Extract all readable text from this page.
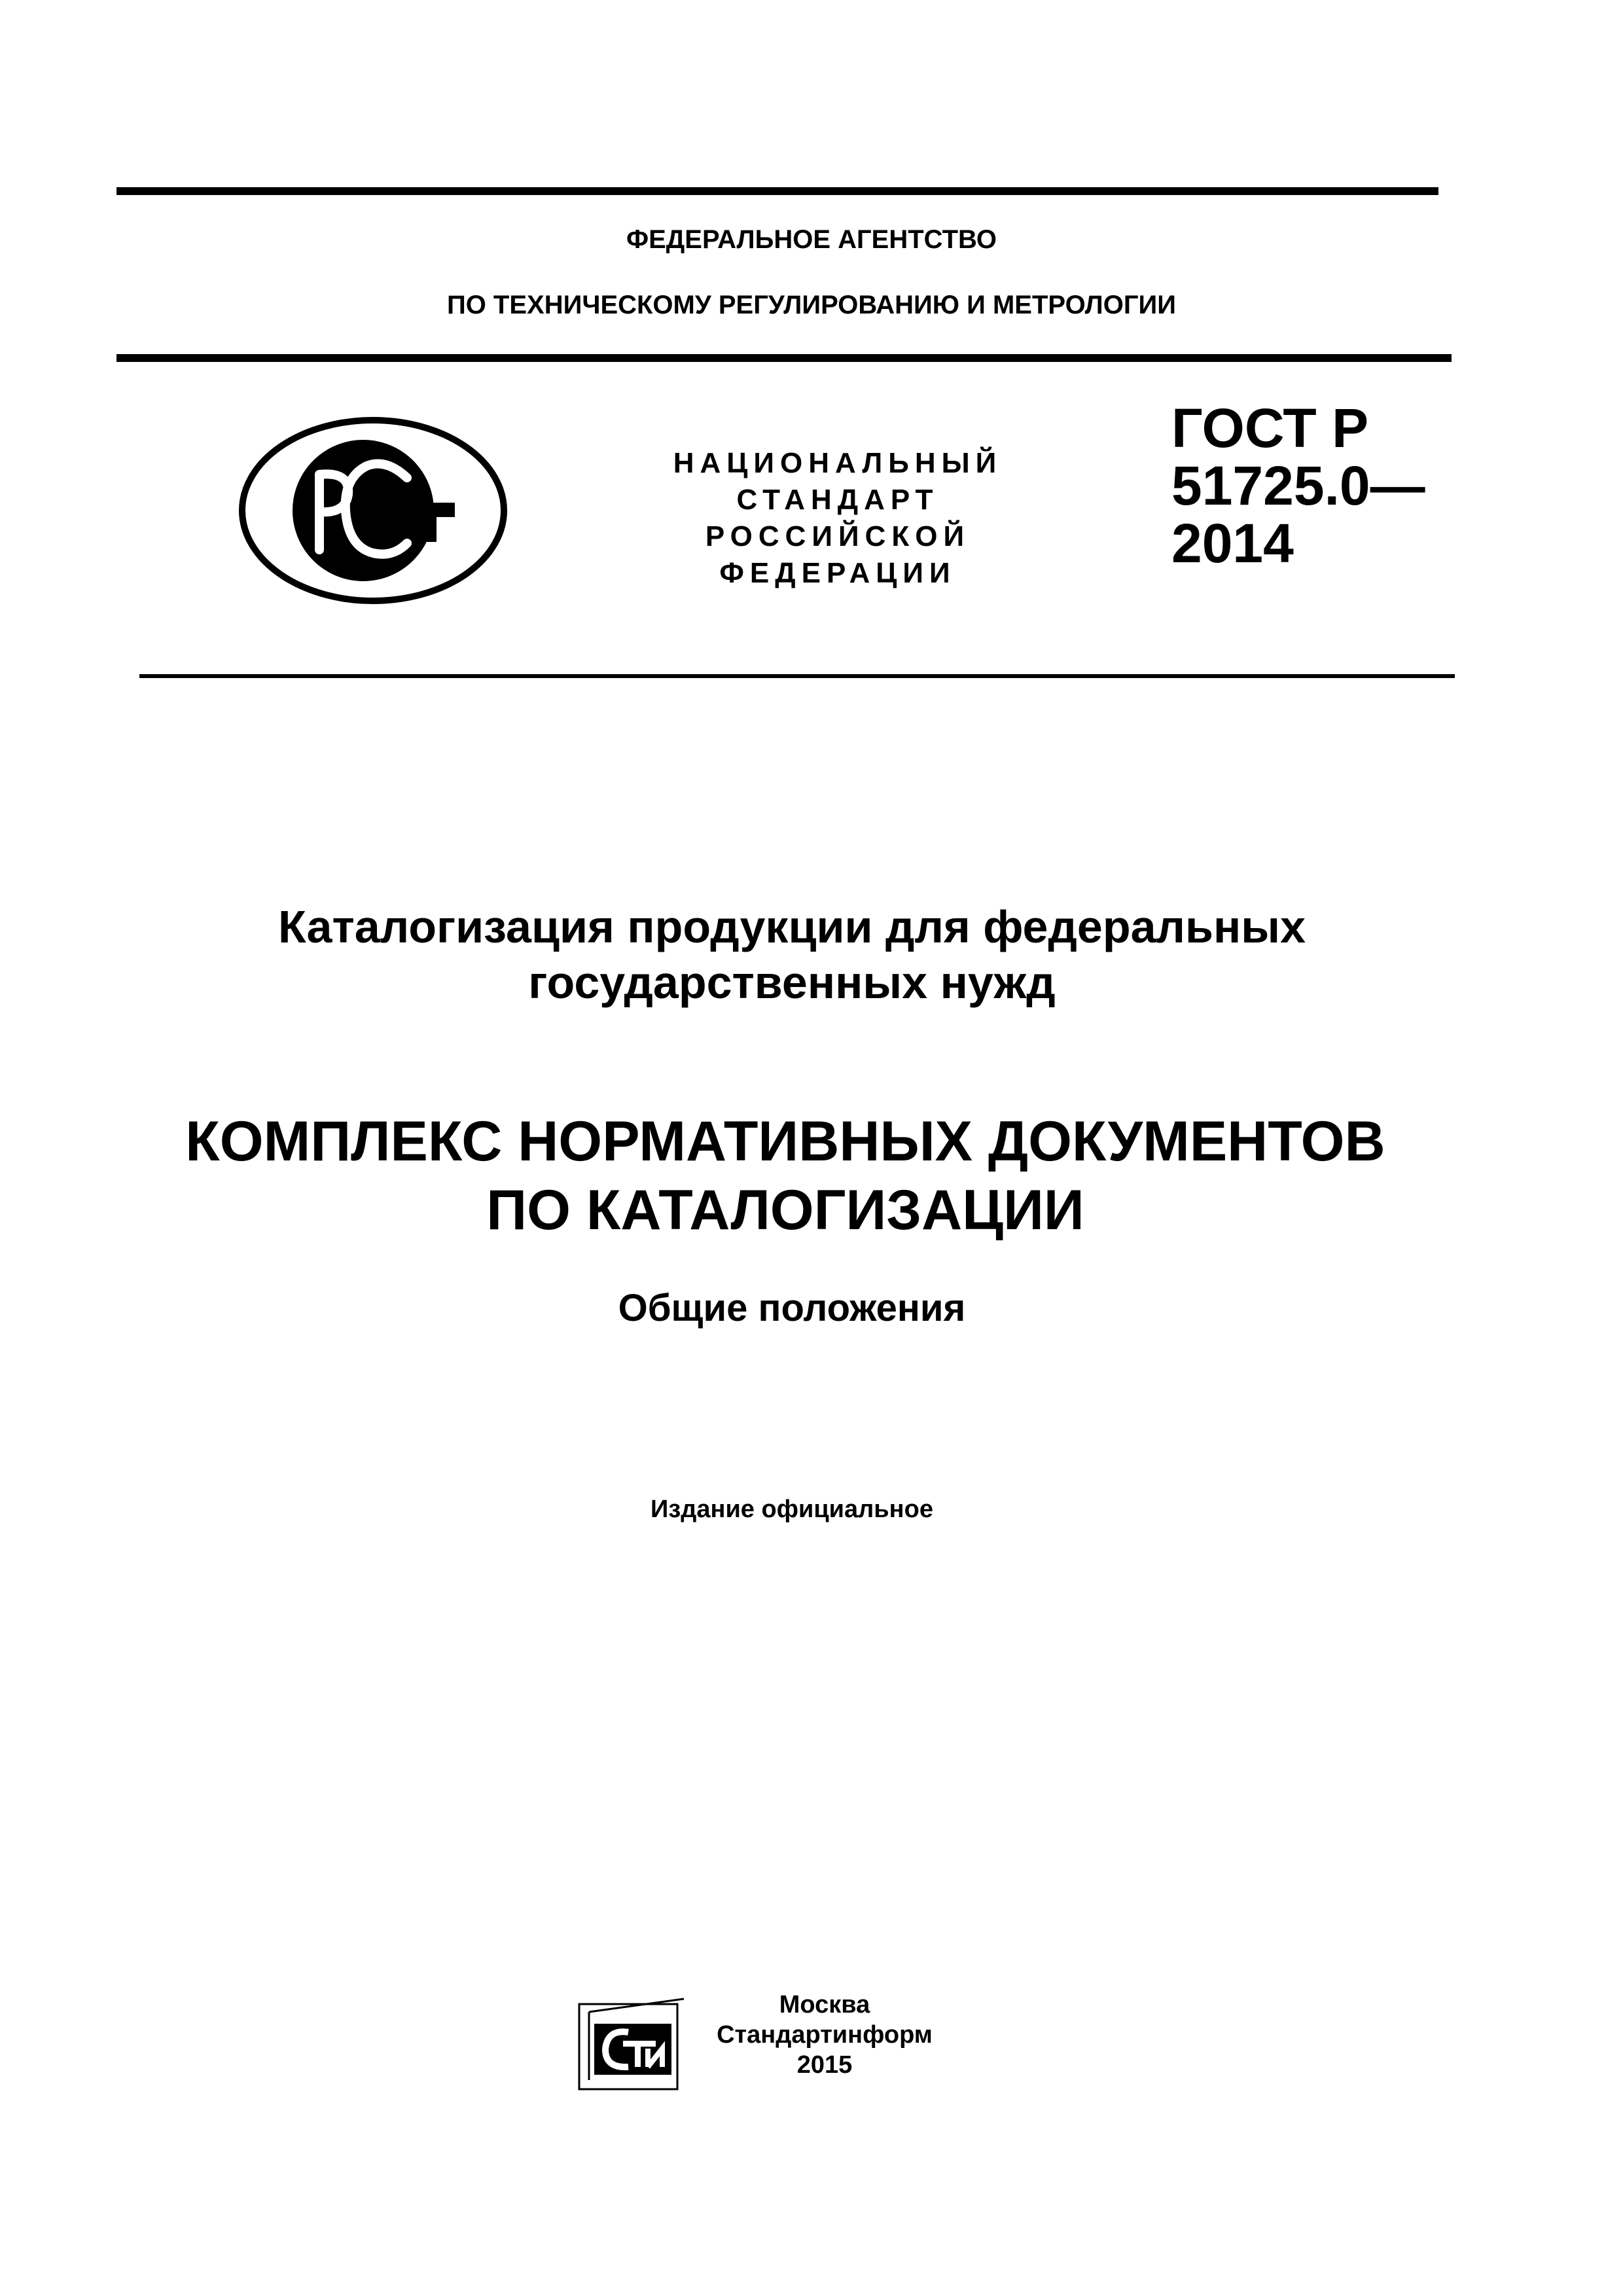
ФЕДЕРАЛЬНОЕ АГЕНТСТВО
ПО ТЕХНИЧЕСКОМУ РЕГУЛИРОВАНИЮ И МЕТРОЛОГИИ
НАЦИОНАЛЬНЫЙ
СТАНДАРТ
РОССИЙСКОЙ
ФЕДЕРАЦИИ
ГОСТ Р
51725.0—
2014
Каталогизация продукции для федеральных
государственных нужд
КОМПЛЕКС НОРМАТИВНЫХ ДОКУМЕНТОВ
ПО КАТАЛОГИЗАЦИИ
Общие положения
Издание официальное
Москва
Стандартинформ
2015
